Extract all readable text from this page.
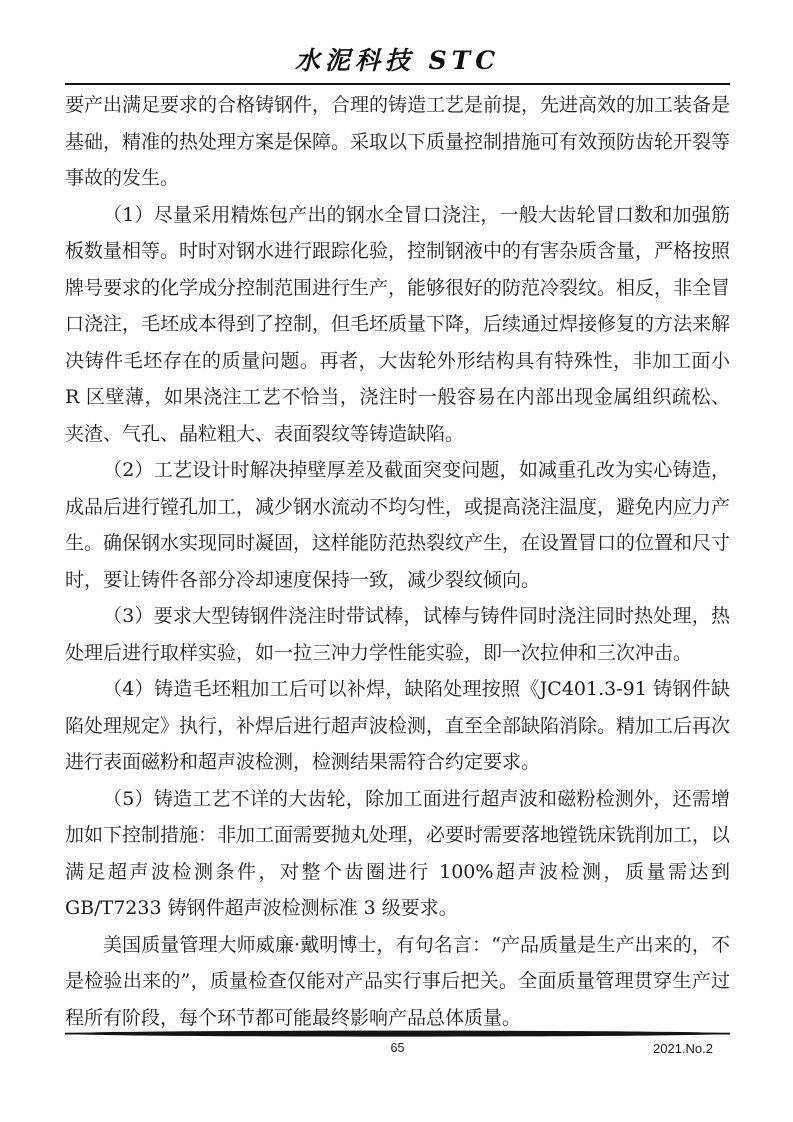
水泥科技 STC

要产出满足要求的合格铸钢件，合理的铸造工艺是前提，先进高效的加工装备是基础，精准的热处理方案是保障。采取以下质量控制措施可有效预防齿轮开裂等事故的发生。

（1）尽量采用精炼包产出的钢水全冒口浇注，一般大齿轮冒口数和加强筋板数量相等。时时对钢水进行跟踪化验，控制钢液中的有害杂质含量，严格按照牌号要求的化学成分控制范围进行生产，能够很好的防范冷裂纹。相反，非全冒口浇注，毛坯成本得到了控制，但毛坯质量下降，后续通过焊接修复的方法来解决铸件毛坯存在的质量问题。再者，大齿轮外形结构具有特殊性，非加工面小 R 区壁薄，如果浇注工艺不恰当，浇注时一般容易在内部出现金属组织疏松、夹渣、气孔、晶粒粗大、表面裂纹等铸造缺陷。

（2）工艺设计时解决掉壁厚差及截面突变问题，如减重孔改为实心铸造，成品后进行镗孔加工，减少钢水流动不均匀性，或提高浇注温度，避免内应力产生。确保钢水实现同时凝固，这样能防范热裂纹产生，在设置冒口的位置和尺寸时，要让铸件各部分冷却速度保持一致，减少裂纹倾向。

（3）要求大型铸钢件浇注时带试棒，试棒与铸件同时浇注同时热处理，热处理后进行取样实验，如一拉三冲力学性能实验，即一次拉伸和三次冲击。

（4）铸造毛坯粗加工后可以补焊，缺陷处理按照《JC401.3-91 铸钢件缺陷处理规定》执行，补焊后进行超声波检测，直至全部缺陷消除。精加工后再次进行表面磁粉和超声波检测，检测结果需符合约定要求。

（5）铸造工艺不详的大齿轮，除加工面进行超声波和磁粉检测外，还需增加如下控制措施：非加工面需要抛丸处理，必要时需要落地镗铣床铣削加工，以满足超声波检测条件，对整个齿圈进行 100%超声波检测，质量需达到 GB/T7233 铸钢件超声波检测标准 3 级要求。

美国质量管理大师威廉·戴明博士，有句名言：“产品质量是生产出来的，不是检验出来的”，质量检查仅能对产品实行事后把关。全面质量管理贯穿生产过程所有阶段，每个环节都可能最终影响产品总体质量。

65	2021.No.2
